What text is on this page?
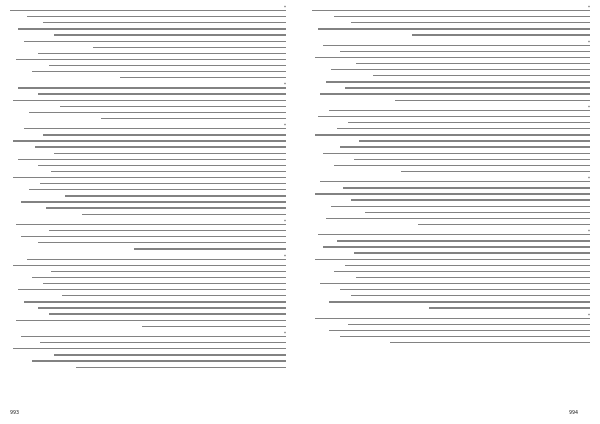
*
*
*
*
*
*
993
*
*
*
*
*
*
994
